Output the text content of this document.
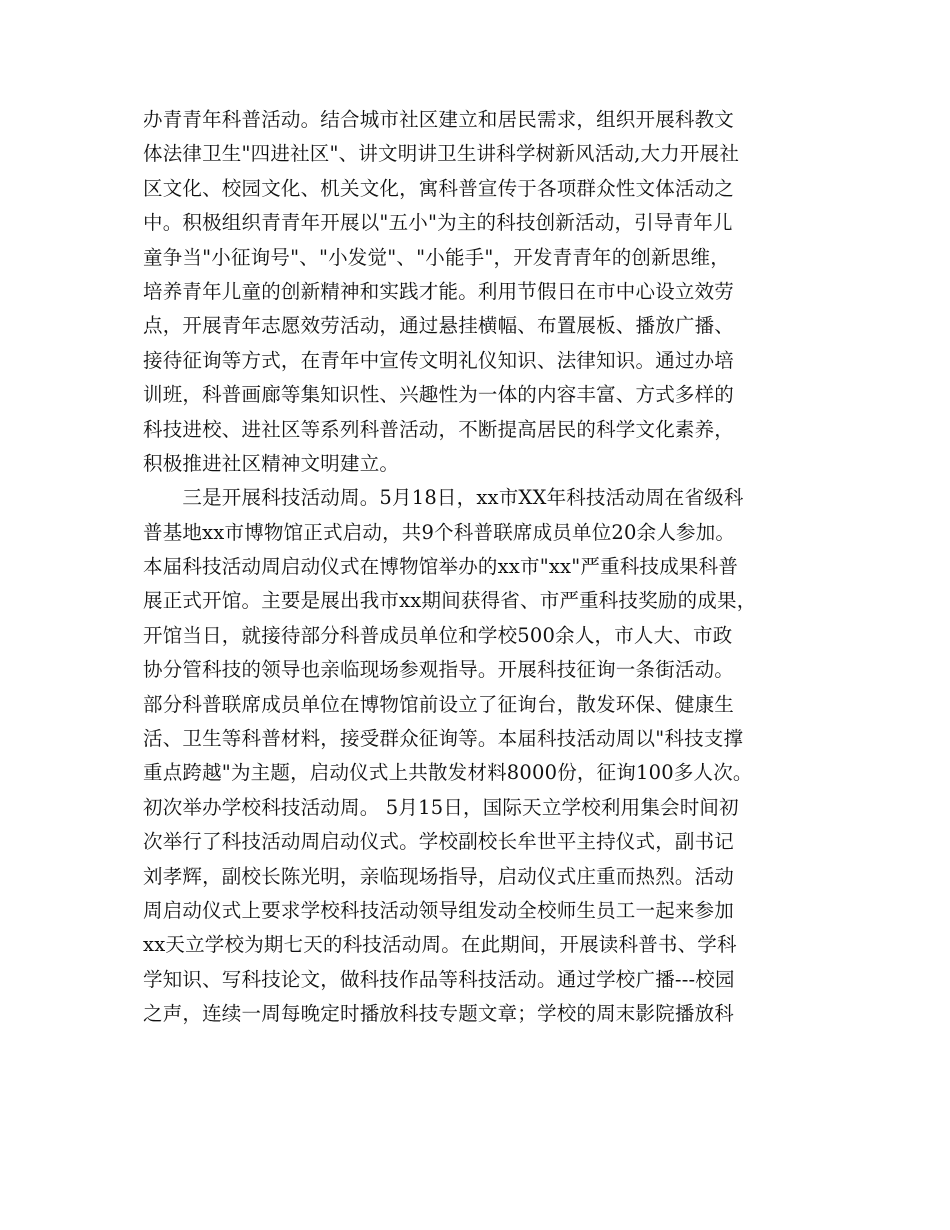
办青青年科普活动。结合城市社区建立和居民需求，组织开展科教文
体法律卫生"四进社区"、讲文明讲卫生讲科学树新风活动,大力开展社
区文化、校园文化、机关文化，寓科普宣传于各项群众性文体活动之
中。积极组织青青年开展以"五小"为主的科技创新活动，引导青年儿
童争当"小征询号"、"小发觉"、"小能手"，开发青青年的创新思维，
培养青年儿童的创新精神和实践才能。利用节假日在市中心设立效劳
点，开展青年志愿效劳活动，通过悬挂横幅、布置展板、播放广播、
接待征询等方式，在青年中宣传文明礼仪知识、法律知识。通过办培
训班，科普画廊等集知识性、兴趣性为一体的内容丰富、方式多样的
科技进校、进社区等系列科普活动，不断提高居民的科学文化素养，
积极推进社区精神文明建立。
　　三是开展科技活动周。5月18日，xx市XX年科技活动周在省级科
普基地xx市博物馆正式启动，共9个科普联席成员单位20余人参加。
本届科技活动周启动仪式在博物馆举办的xx市"xx"严重科技成果科普
展正式开馆。主要是展出我市xx期间获得省、市严重科技奖励的成果，
开馆当日，就接待部分科普成员单位和学校500余人，市人大、市政
协分管科技的领导也亲临现场参观指导。开展科技征询一条街活动。
部分科普联席成员单位在博物馆前设立了征询台，散发环保、健康生
活、卫生等科普材料，接受群众征询等。本届科技活动周以"科技支撑
重点跨越"为主题，启动仪式上共散发材料8000份，征询100多人次。
初次举办学校科技活动周。 5月15日，国际天立学校利用集会时间初
次举行了科技活动周启动仪式。学校副校长牟世平主持仪式，副书记
刘孝辉，副校长陈光明，亲临现场指导，启动仪式庄重而热烈。活动
周启动仪式上要求学校科技活动领导组发动全校师生员工一起来参加
xx天立学校为期七天的科技活动周。在此期间，开展读科普书、学科
学知识、写科技论文，做科技作品等科技活动。通过学校广播---校园
之声，连续一周每晚定时播放科技专题文章；学校的周末影院播放科
